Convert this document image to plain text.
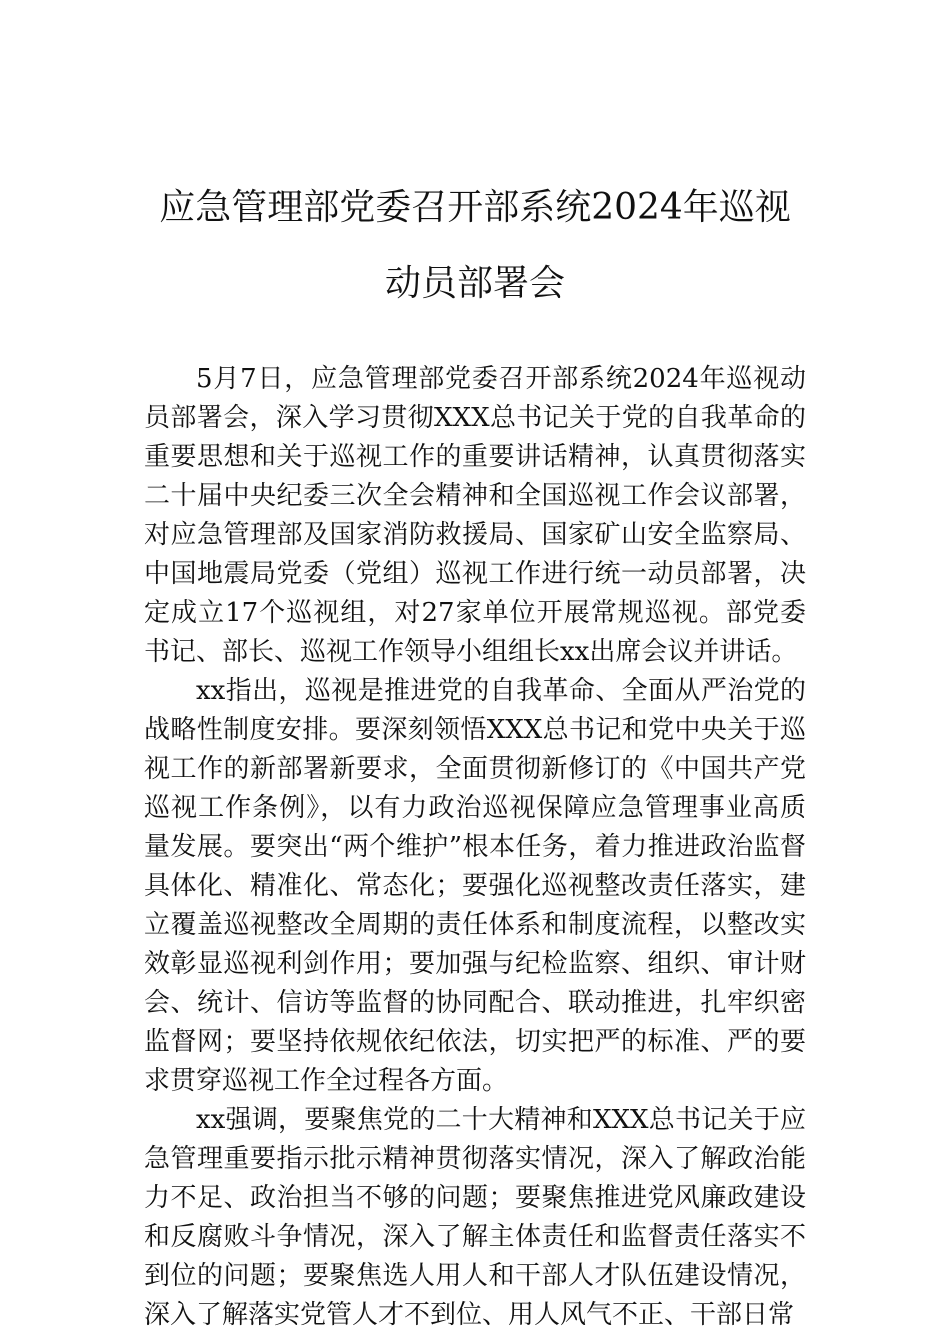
应急管理部党委召开部系统2024年巡视动员部署会

5月7日，应急管理部党委召开部系统2024年巡视动员部署会，深入学习贯彻XXX总书记关于党的自我革命的重要思想和关于巡视工作的重要讲话精神，认真贯彻落实二十届中央纪委三次全会精神和全国巡视工作会议部署，对应急管理部及国家消防救援局、国家矿山安全监察局、中国地震局党委（党组）巡视工作进行统一动员部署，决定成立17个巡视组，对27家单位开展常规巡视。部党委书记、部长、巡视工作领导小组组长xx出席会议并讲话。

xx指出，巡视是推进党的自我革命、全面从严治党的战略性制度安排。要深刻领悟XXX总书记和党中央关于巡视工作的新部署新要求，全面贯彻新修订的《中国共产党巡视工作条例》，以有力政治巡视保障应急管理事业高质量发展。要突出“两个维护”根本任务，着力推进政治监督具体化、精准化、常态化；要强化巡视整改责任落实，建立覆盖巡视整改全周期的责任体系和制度流程，以整改实效彰显巡视利剑作用；要加强与纪检监察、组织、审计财会、统计、信访等监督的协同配合、联动推进，扎牢织密监督网；要坚持依规依纪依法，切实把严的标准、严的要求贯穿巡视工作全过程各方面。

xx强调，要聚焦党的二十大精神和XXX总书记关于应急管理重要指示批示精神贯彻落实情况，深入了解政治能力不足、政治担当不够的问题；要聚焦推进党风廉政建设和反腐败斗争情况，深入了解主体责任和监督责任落实不到位的问题；要聚焦选人用人和干部人才队伍建设情况，深入了解落实党管人才不到位、用人风气不正、干部日常
